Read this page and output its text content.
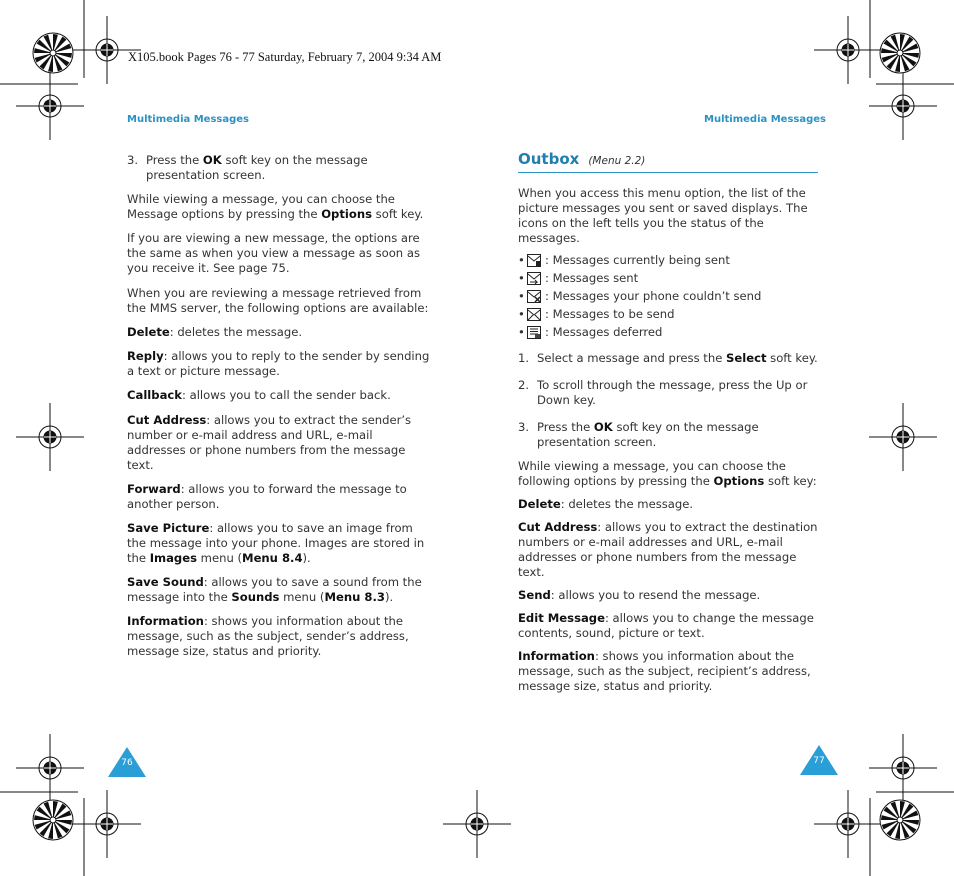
X105.book Pages 76 - 77 Saturday, February 7, 2004 9:34 AM
Multimedia Messages	Multimedia Messages
3. Press the OK soft key on the message presentation screen.

While viewing a message, you can choose the Message options by pressing the Options soft key.

If you are viewing a new message, the options are the same as when you view a message as soon as you receive it. See page 75.

When you are reviewing a message retrieved from the MMS server, the following options are available:

Delete: deletes the message.

Reply: allows you to reply to the sender by sending a text or picture message.

Callback: allows you to call the sender back.

Cut Address: allows you to extract the sender’s number or e-mail address and URL, e-mail addresses or phone numbers from the message text.

Forward: allows you to forward the message to another person.

Save Picture: allows you to save an image from the message into your phone. Images are stored in the Images menu (Menu 8.4).

Save Sound: allows you to save a sound from the message into the Sounds menu (Menu 8.3).

Information: shows you information about the message, such as the subject, sender’s address, message size, status and priority.

Outbox (Menu 2.2)

When you access this menu option, the list of the picture messages you sent or saved displays. The icons on the left tells you the status of the messages.

• : Messages currently being sent
• : Messages sent
• : Messages your phone couldn’t send
• : Messages to be send
• : Messages deferred
1. Select a message and press the Select soft key.
2. To scroll through the message, press the Up or Down key.
3. Press the OK soft key on the message presentation screen.

While viewing a message, you can choose the following options by pressing the Options soft key:

Delete: deletes the message.

Cut Address: allows you to extract the destination numbers or e-mail addresses and URL, e-mail addresses or phone numbers from the message text.

Send: allows you to resend the message.

Edit Message: allows you to change the message contents, sound, picture or text.

Information: shows you information about the message, such as the subject, recipient’s address, message size, status and priority.

76	77
